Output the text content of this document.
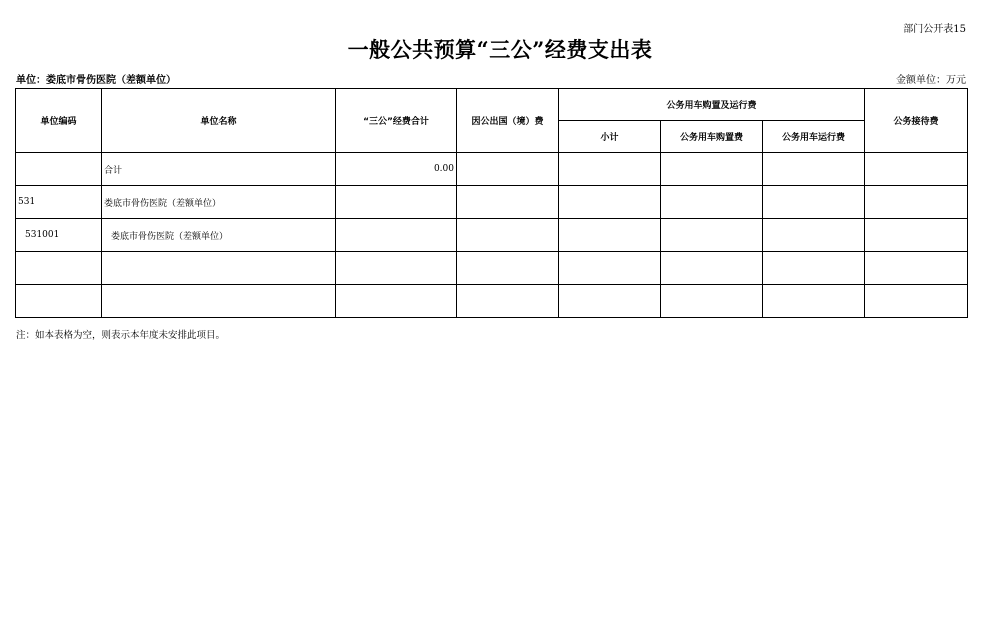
部门公开表15
一般公共预算“三公”经费支出表
单位：娄底市骨伤医院（差额单位）	金额单位：万元
单位编码	单位名称	“三公”经费合计	因公出国（境）费	公务用车购置及运行费			公务接待费
				小计	公务用车购置费	公务用车运行费	
	合计	0.00					
531	娄底市骨伤医院（差额单位）						
531001	娄底市骨伤医院（差额单位）						

注：如本表格为空，则表示本年度未安排此项目。
